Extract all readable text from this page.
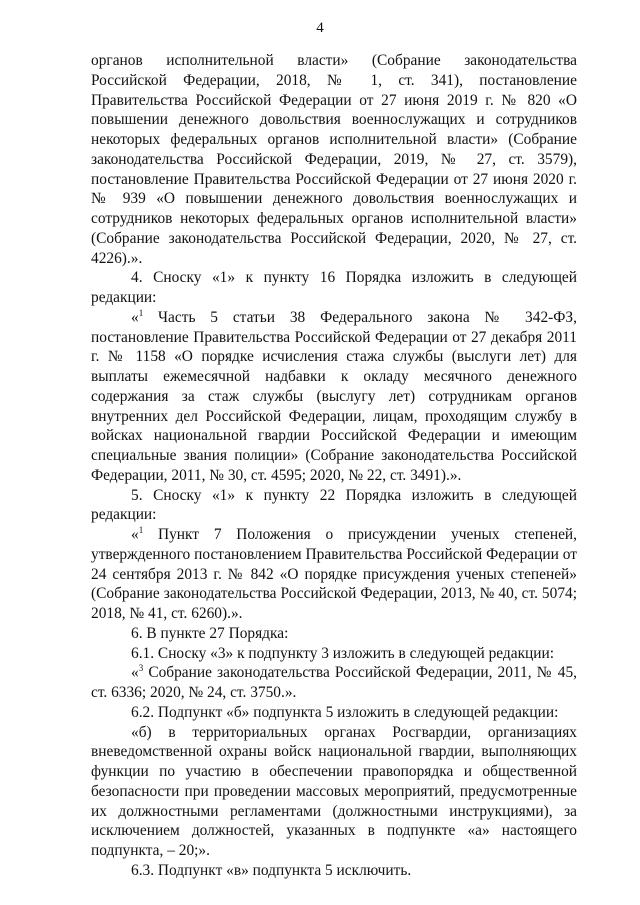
4

органов исполнительной власти» (Собрание законодательства Российской Федерации, 2018, № 1, ст. 341), постановление Правительства Российской Федерации от 27 июня 2019 г. № 820 «О повышении денежного довольствия военнослужащих и сотрудников некоторых федеральных органов исполнительной власти» (Собрание законодательства Российской Федерации, 2019, № 27, ст. 3579), постановление Правительства Российской Федерации от 27 июня 2020 г. № 939 «О повышении денежного довольствия военнослужащих и сотрудников некоторых федеральных органов исполнительной власти» (Собрание законодательства Российской Федерации, 2020, № 27, ст. 4226).».

4. Сноску «1» к пункту 16 Порядка изложить в следующей редакции:

«$^1$ Часть 5 статьи 38 Федерального закона № 342-ФЗ, постановление Правительства Российской Федерации от 27 декабря 2011 г. № 1158 «О порядке исчисления стажа службы (выслуги лет) для выплаты ежемесячной надбавки к окладу месячного денежного содержания за стаж службы (выслугу лет) сотрудникам органов внутренних дел Российской Федерации, лицам, проходящим службу в войсках национальной гвардии Российской Федерации и имеющим специальные звания полиции» (Собрание законодательства Российской Федерации, 2011, № 30, ст. 4595; 2020, № 22, ст. 3491).».

5. Сноску «1» к пункту 22 Порядка изложить в следующей редакции:

«$^1$ Пункт 7 Положения о присуждении ученых степеней, утвержденного постановлением Правительства Российской Федерации от 24 сентября 2013 г. № 842 «О порядке присуждения ученых степеней» (Собрание законодательства Российской Федерации, 2013, № 40, ст. 5074; 2018, № 41, ст. 6260).».

6. В пункте 27 Порядка:

6.1. Сноску «3» к подпункту 3 изложить в следующей редакции:

«$^3$ Собрание законодательства Российской Федерации, 2011, № 45, ст. 6336; 2020, № 24, ст. 3750.».

6.2. Подпункт «б» подпункта 5 изложить в следующей редакции:

«б) в территориальных органах Росгвардии, организациях вневедомственной охраны войск национальной гвардии, выполняющих функции по участию в обеспечении правопорядка и общественной безопасности при проведении массовых мероприятий, предусмотренные их должностными регламентами (должностными инструкциями), за исключением должностей, указанных в подпункте «а» настоящего подпункта, – 20;».

6.3. Подпункт «в» подпункта 5 исключить.
